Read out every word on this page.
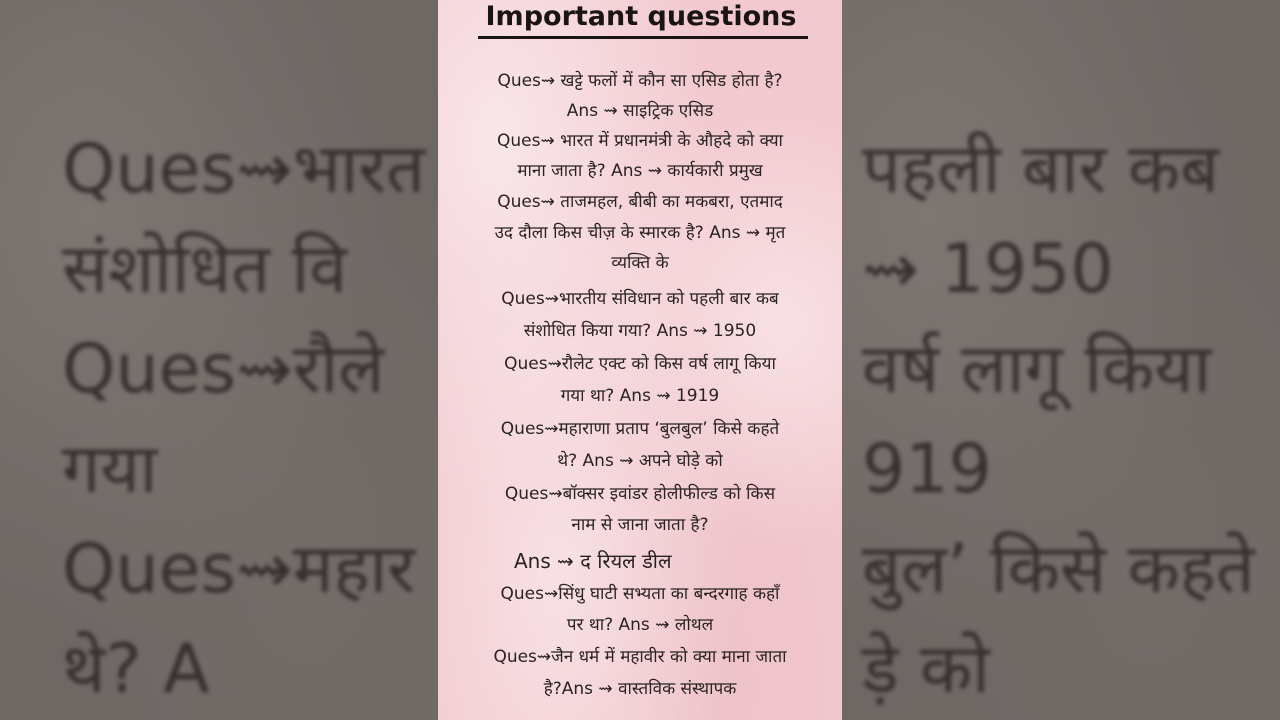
Ques⇝भारत
संशोधित वि
Ques⇝रौले
गया
Ques⇝महार
थे? A
पहली बार कब
⇝ 1950
वर्ष लागू किया
919
बुल’ किसे कहते
ड़े को
Important questions
Ques⇝ खट्टे फलों में कौन सा एसिड होता है?
Ans ⇝ साइट्रिक एसिड
Ques⇝ भारत में प्रधानमंत्री के औहदे को क्या
माना जाता है? Ans ⇝ कार्यकारी प्रमुख
Ques⇝ ताजमहल, बीबी का मकबरा, एतमाद
उद दौला किस चीज़ के स्मारक है? Ans ⇝ मृत
व्यक्ति के
Ques⇝भारतीय संविधान को पहली बार कब
संशोधित किया गया? Ans ⇝ 1950
Ques⇝रौलेट एक्ट को किस वर्ष लागू किया
गया था? Ans ⇝ 1919
Ques⇝महाराणा प्रताप ‘बुलबुल’ किसे कहते
थे? Ans ⇝ अपने घोड़े को
Ques⇝बॉक्सर इवांडर होलीफील्ड को किस
नाम से जाना जाता है?
Ans ⇝ द रियल डील
Ques⇝सिंधु घाटी सभ्यता का बन्दरगाह कहाँ
पर था? Ans ⇝ लोथल
Ques⇝जैन धर्म में महावीर को क्या माना जाता
है?Ans ⇝ वास्तविक संस्थापक
